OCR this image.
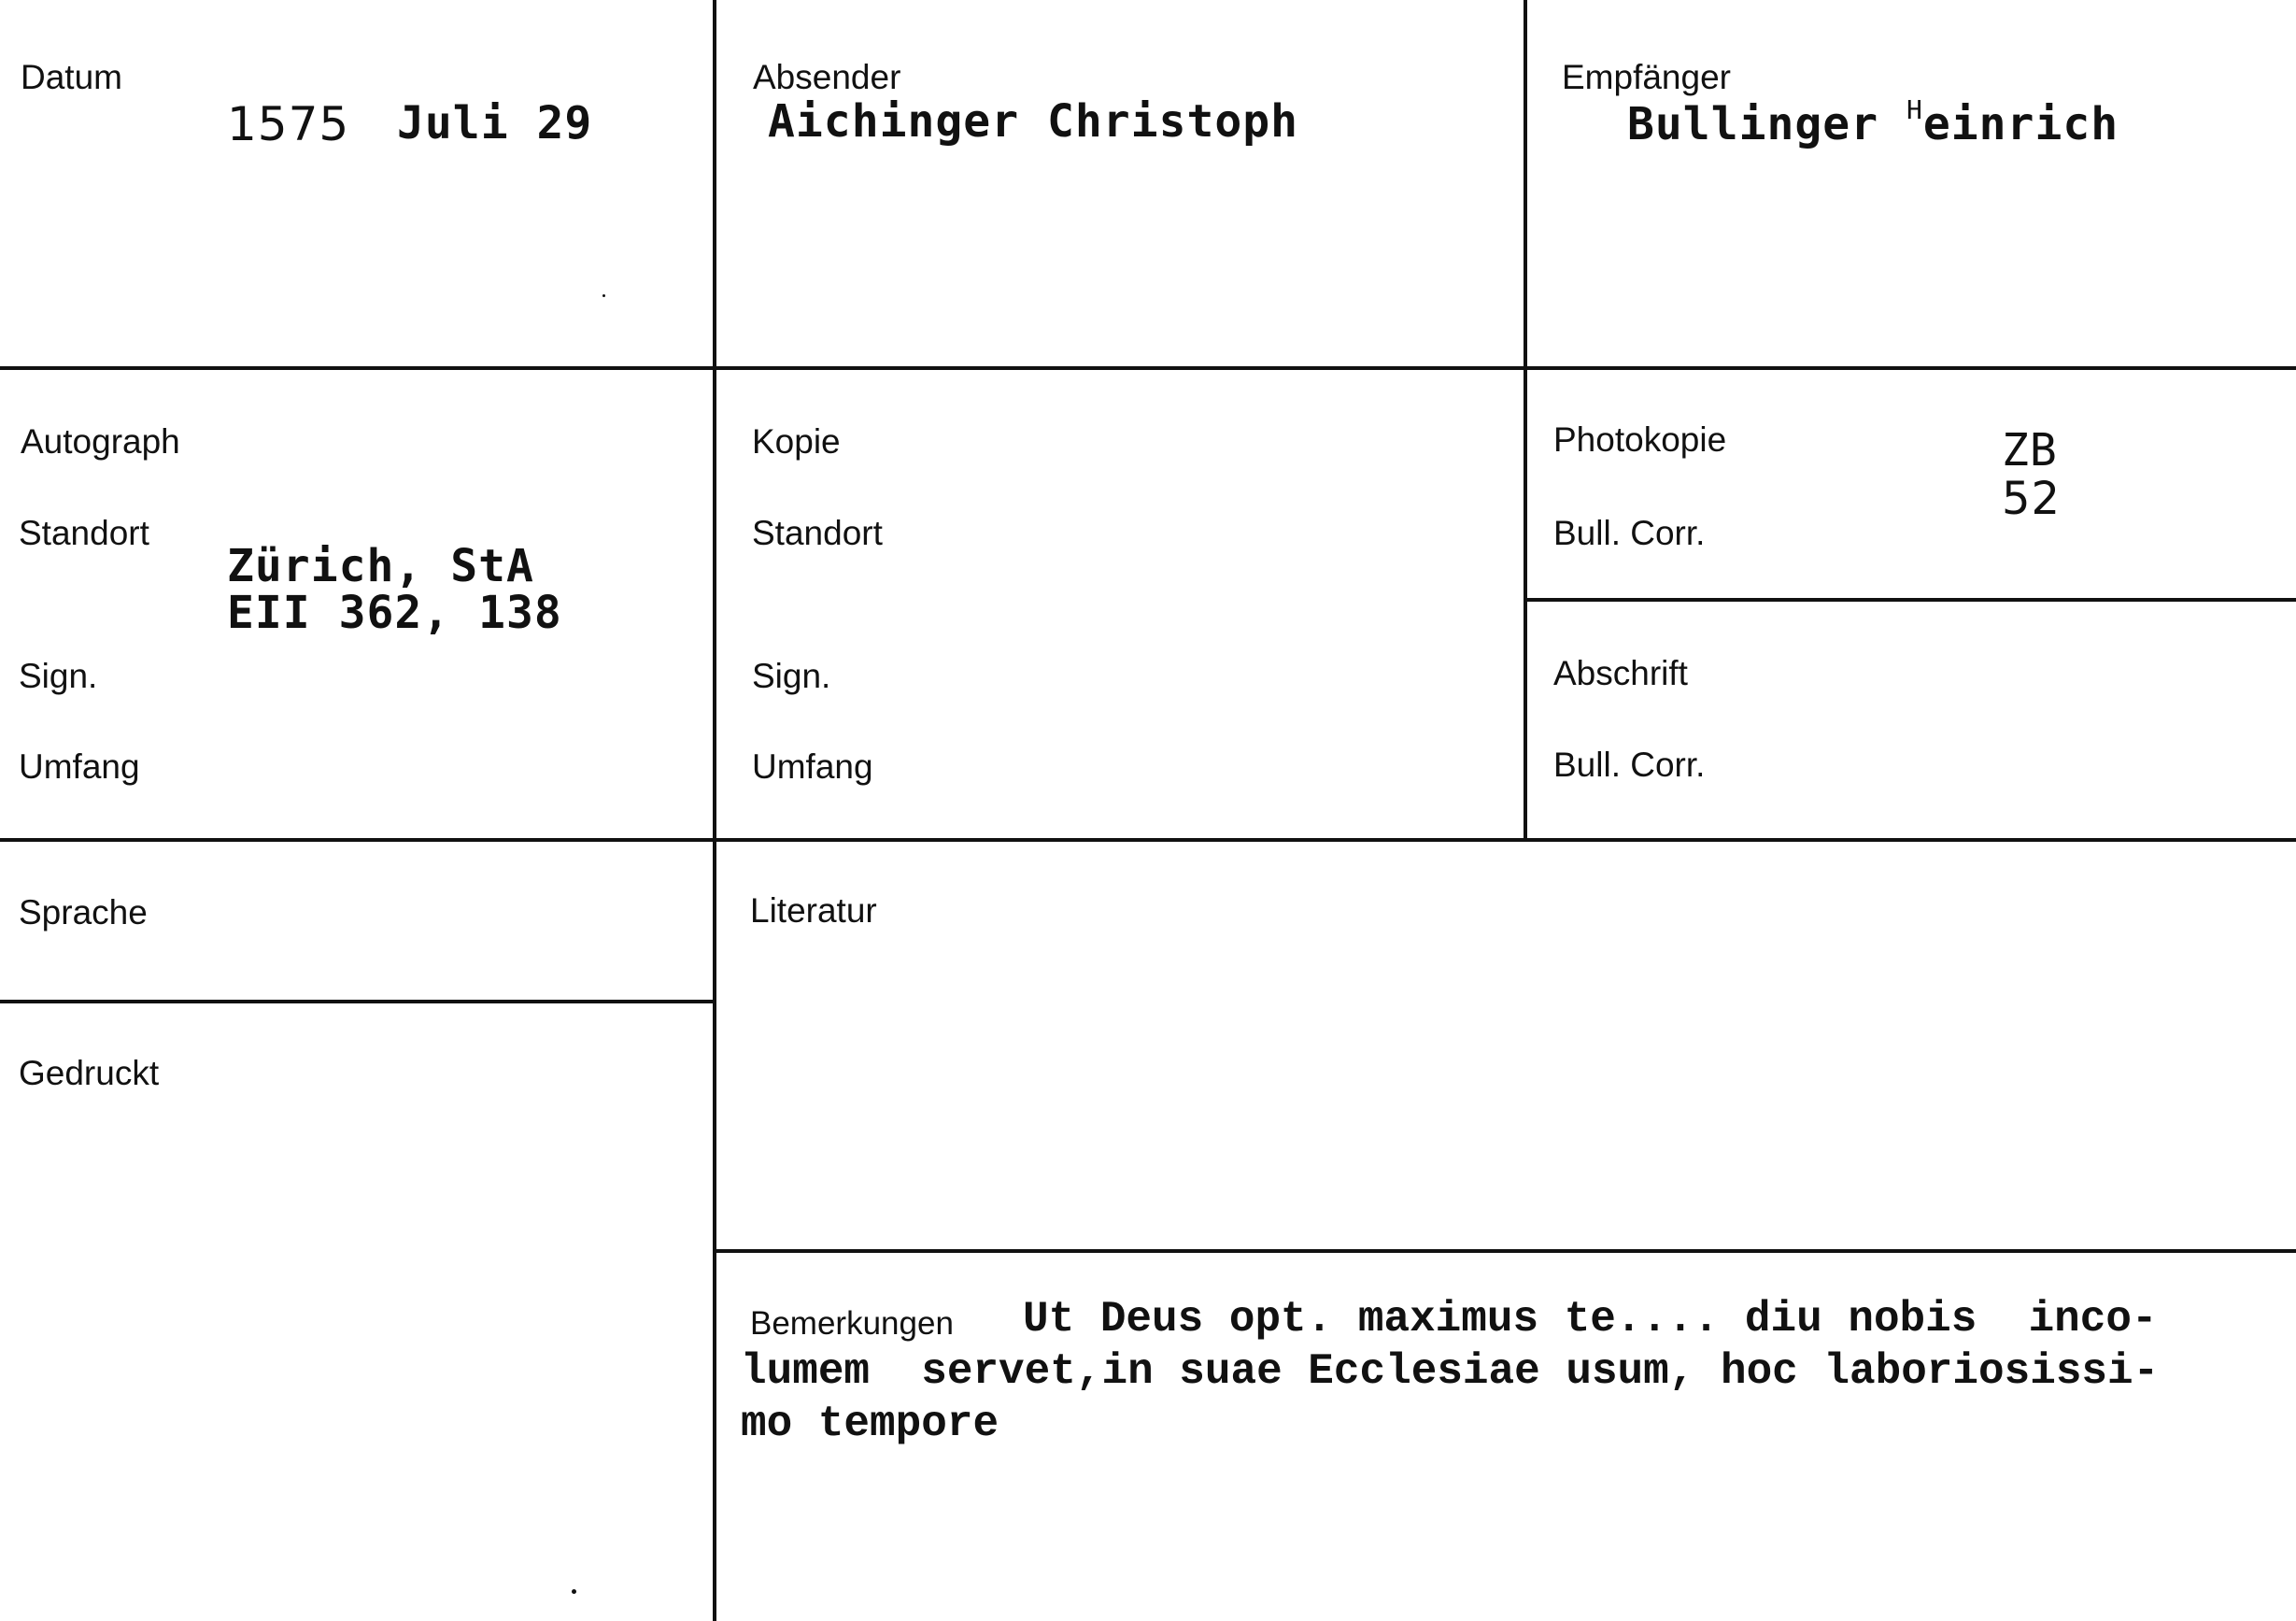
Datum
1575 Juli 29
Absender
Aichinger Christoph
Empfänger
Bullinger $^H$einrich
Autograph
Standort
Zürich, StA
EII 362, 138
Sign.
Umfang
Kopie
Standort
Sign.
Umfang
Photokopie
Bull. Corr.
ZB
52
Abschrift
Bull. Corr.
Sprache
Gedruckt
Literatur
Bemerkungen Ut Deus opt. maximus te.... diu nobis  inco-
lumem  servet,in suae Ecclesiae usum, hoc laboriosissi-
mo tempore
